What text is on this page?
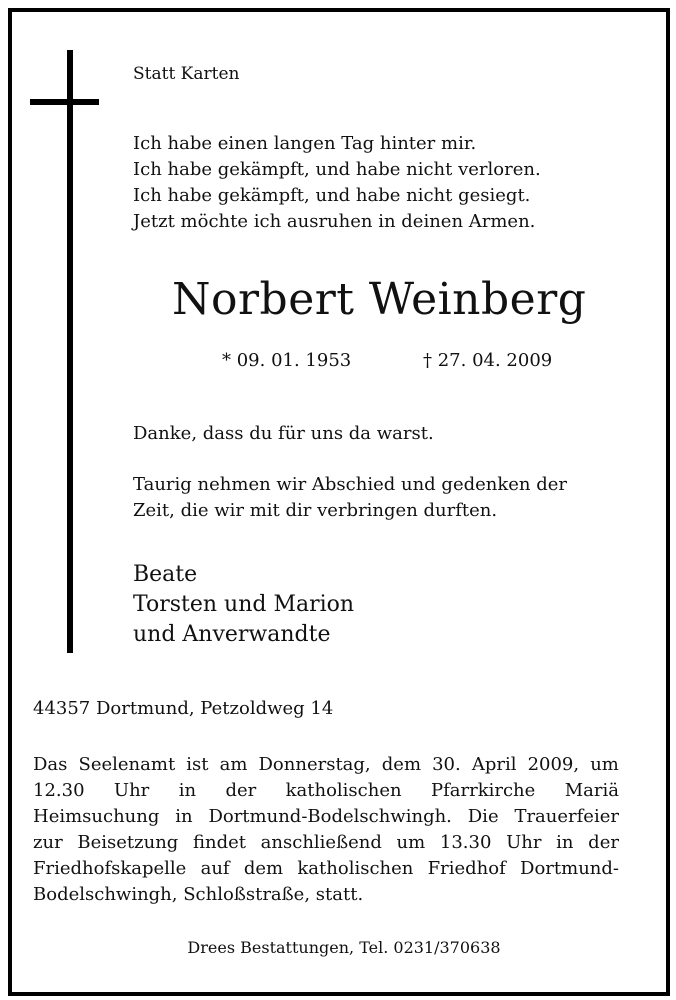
Statt Karten
Ich habe einen langen Tag hinter mir.
Ich habe gekämpft, und habe nicht verloren.
Ich habe gekämpft, und habe nicht gesiegt.
Jetzt möchte ich ausruhen in deinen Armen.
Norbert Weinberg
* 09. 01. 1953	† 27. 04. 2009
Danke, dass du für uns da warst.
Taurig nehmen wir Abschied und gedenken der
Zeit, die wir mit dir verbringen durften.
Beate
Torsten und Marion
und Anverwandte
44357 Dortmund, Petzoldweg 14
Das Seelenamt ist am Donnerstag, dem 30. April 2009, um
12.30 Uhr in der katholischen Pfarrkirche Mariä
Heimsuchung in Dortmund-Bodelschwingh. Die Trauerfeier
zur Beisetzung findet anschließend um 13.30 Uhr in der
Friedhofskapelle auf dem katholischen Friedhof Dortmund-
Bodelschwingh, Schloßstraße, statt.
Drees Bestattungen, Tel. 0231/370638
